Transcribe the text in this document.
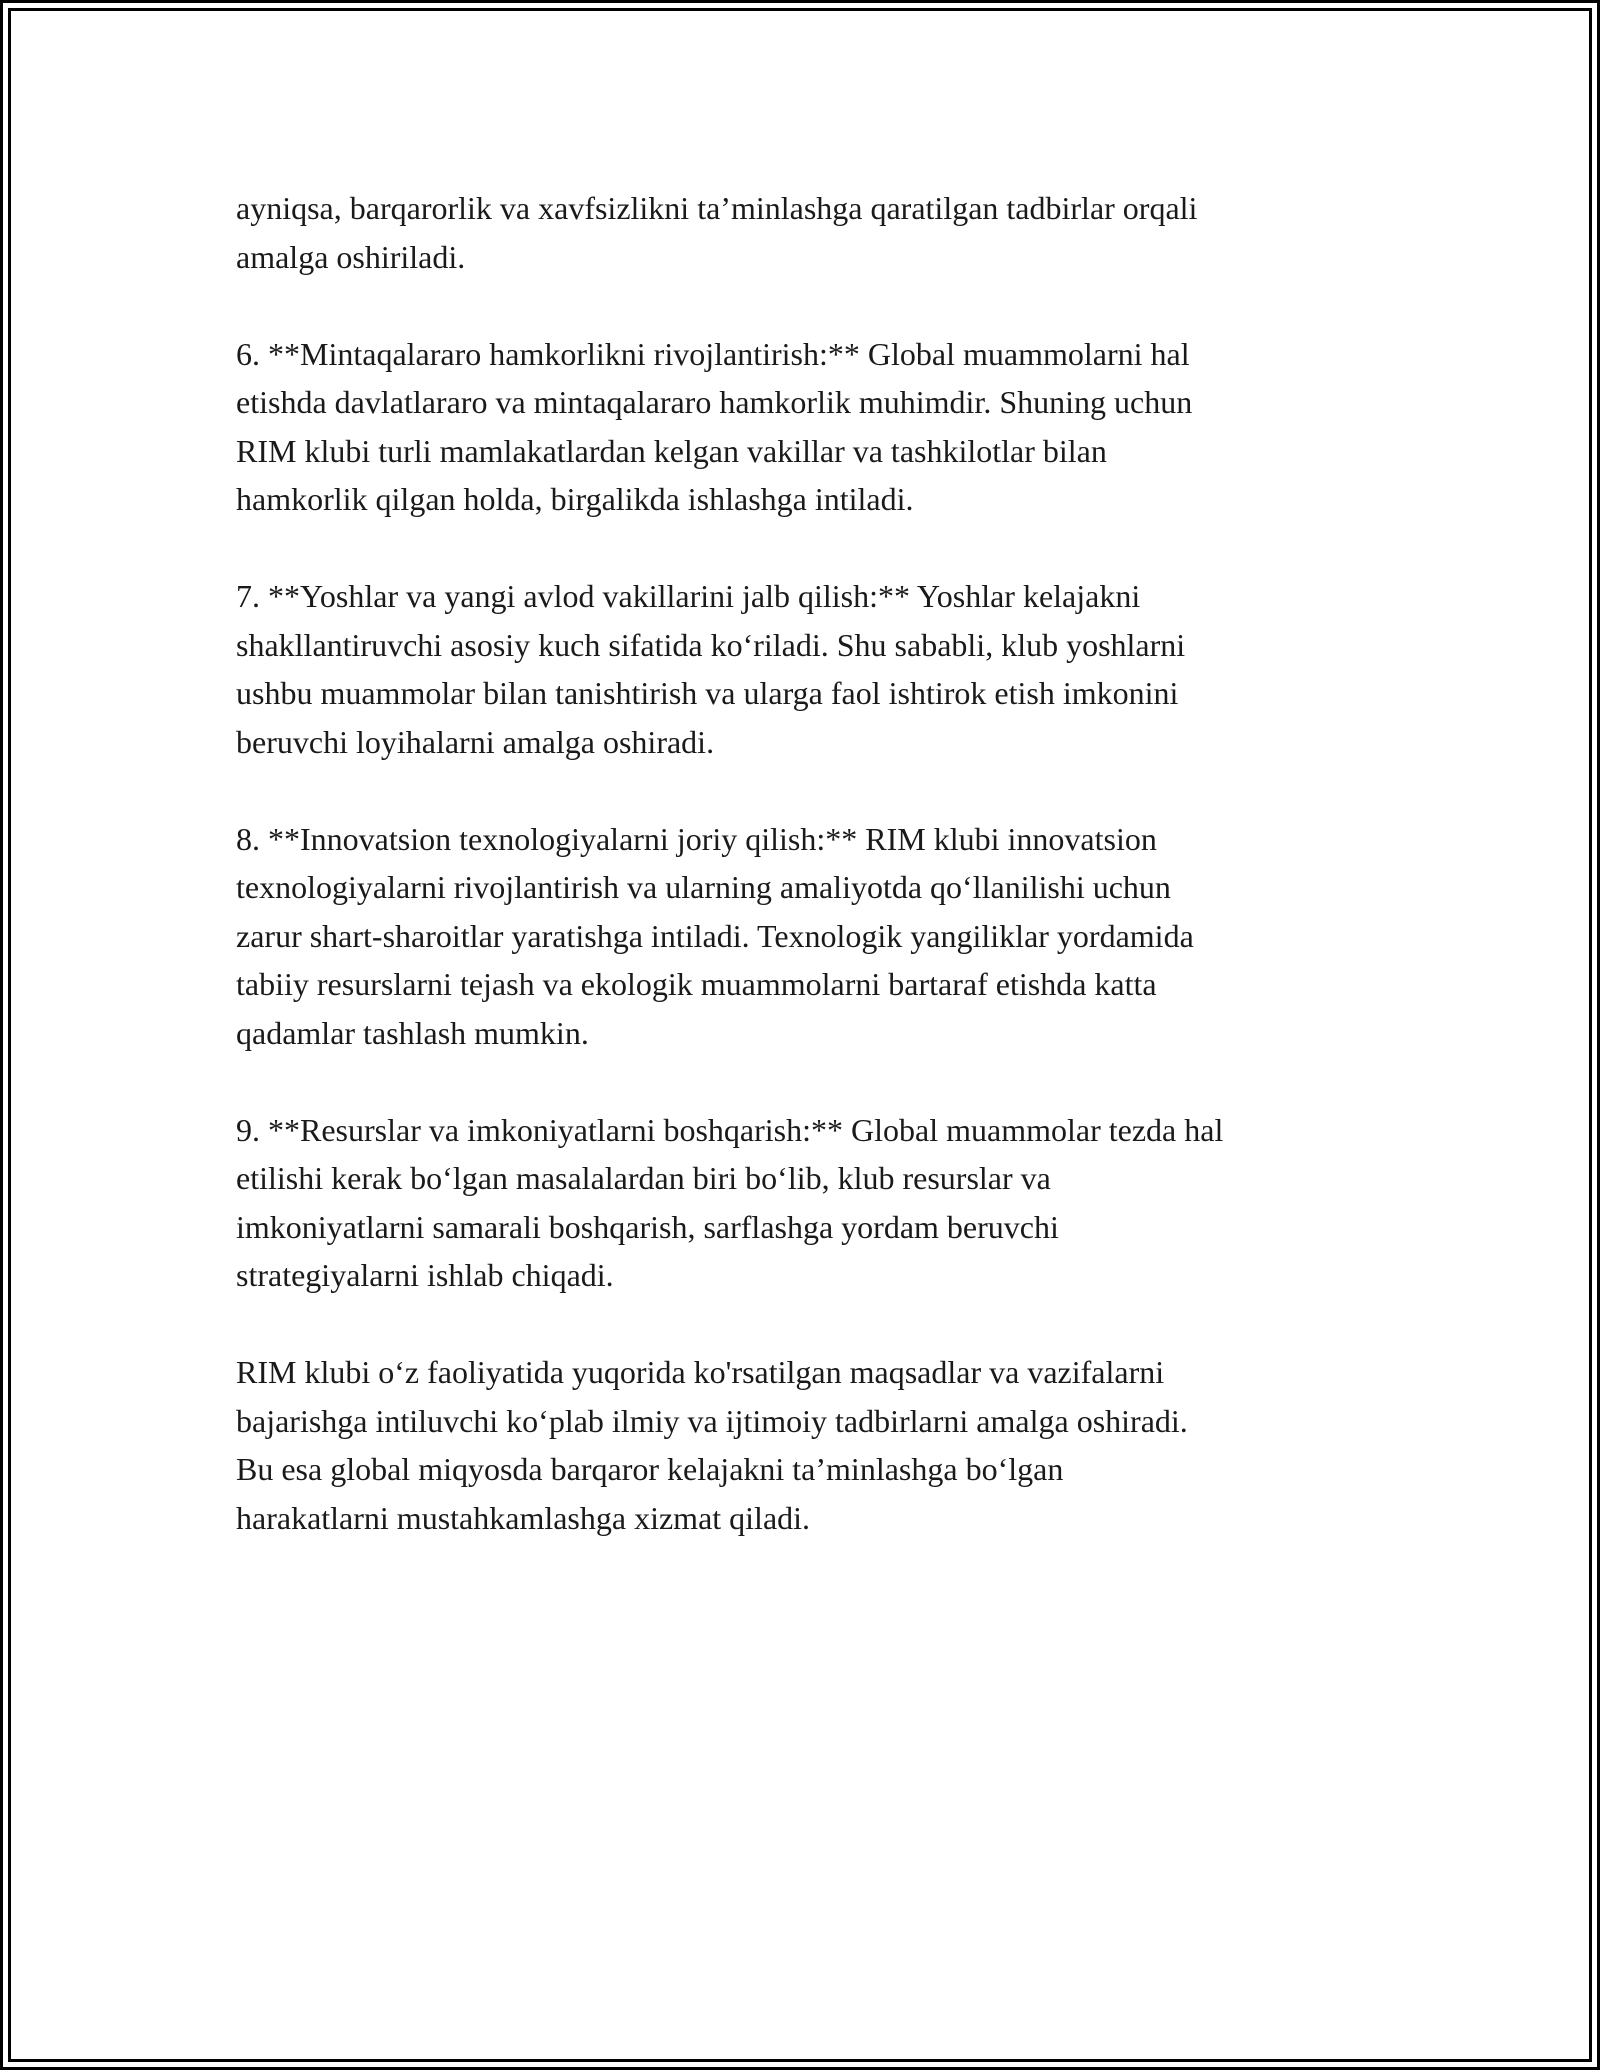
ayniqsa, barqarorlik va xavfsizlikni ta’minlashga qaratilgan tadbirlar orqali
amalga oshiriladi.

6. **Mintaqalararo hamkorlikni rivojlantirish:** Global muammolarni hal
etishda davlatlararo va mintaqalararo hamkorlik muhimdir. Shuning uchun
RIM klubi turli mamlakatlardan kelgan vakillar va tashkilotlar bilan
hamkorlik qilgan holda, birgalikda ishlashga intiladi.

7. **Yoshlar va yangi avlod vakillarini jalb qilish:** Yoshlar kelajakni
shakllantiruvchi asosiy kuch sifatida koʻriladi. Shu sababli, klub yoshlarni
ushbu muammolar bilan tanishtirish va ularga faol ishtirok etish imkonini
beruvchi loyihalarni amalga oshiradi.

8. **Innovatsion texnologiyalarni joriy qilish:** RIM klubi innovatsion
texnologiyalarni rivojlantirish va ularning amaliyotda qoʻllanilishi uchun
zarur shart-sharoitlar yaratishga intiladi. Texnologik yangiliklar yordamida
tabiiy resurslarni tejash va ekologik muammolarni bartaraf etishda katta
qadamlar tashlash mumkin.

9. **Resurslar va imkoniyatlarni boshqarish:** Global muammolar tezda hal
etilishi kerak boʻlgan masalalardan biri boʻlib, klub resurslar va
imkoniyatlarni samarali boshqarish, sarflashga yordam beruvchi
strategiyalarni ishlab chiqadi.

RIM klubi oʻz faoliyatida yuqorida ko'rsatilgan maqsadlar va vazifalarni
bajarishga intiluvchi koʻplab ilmiy va ijtimoiy tadbirlarni amalga oshiradi.
Bu esa global miqyosda barqaror kelajakni ta’minlashga boʻlgan
harakatlarni mustahkamlashga xizmat qiladi.
